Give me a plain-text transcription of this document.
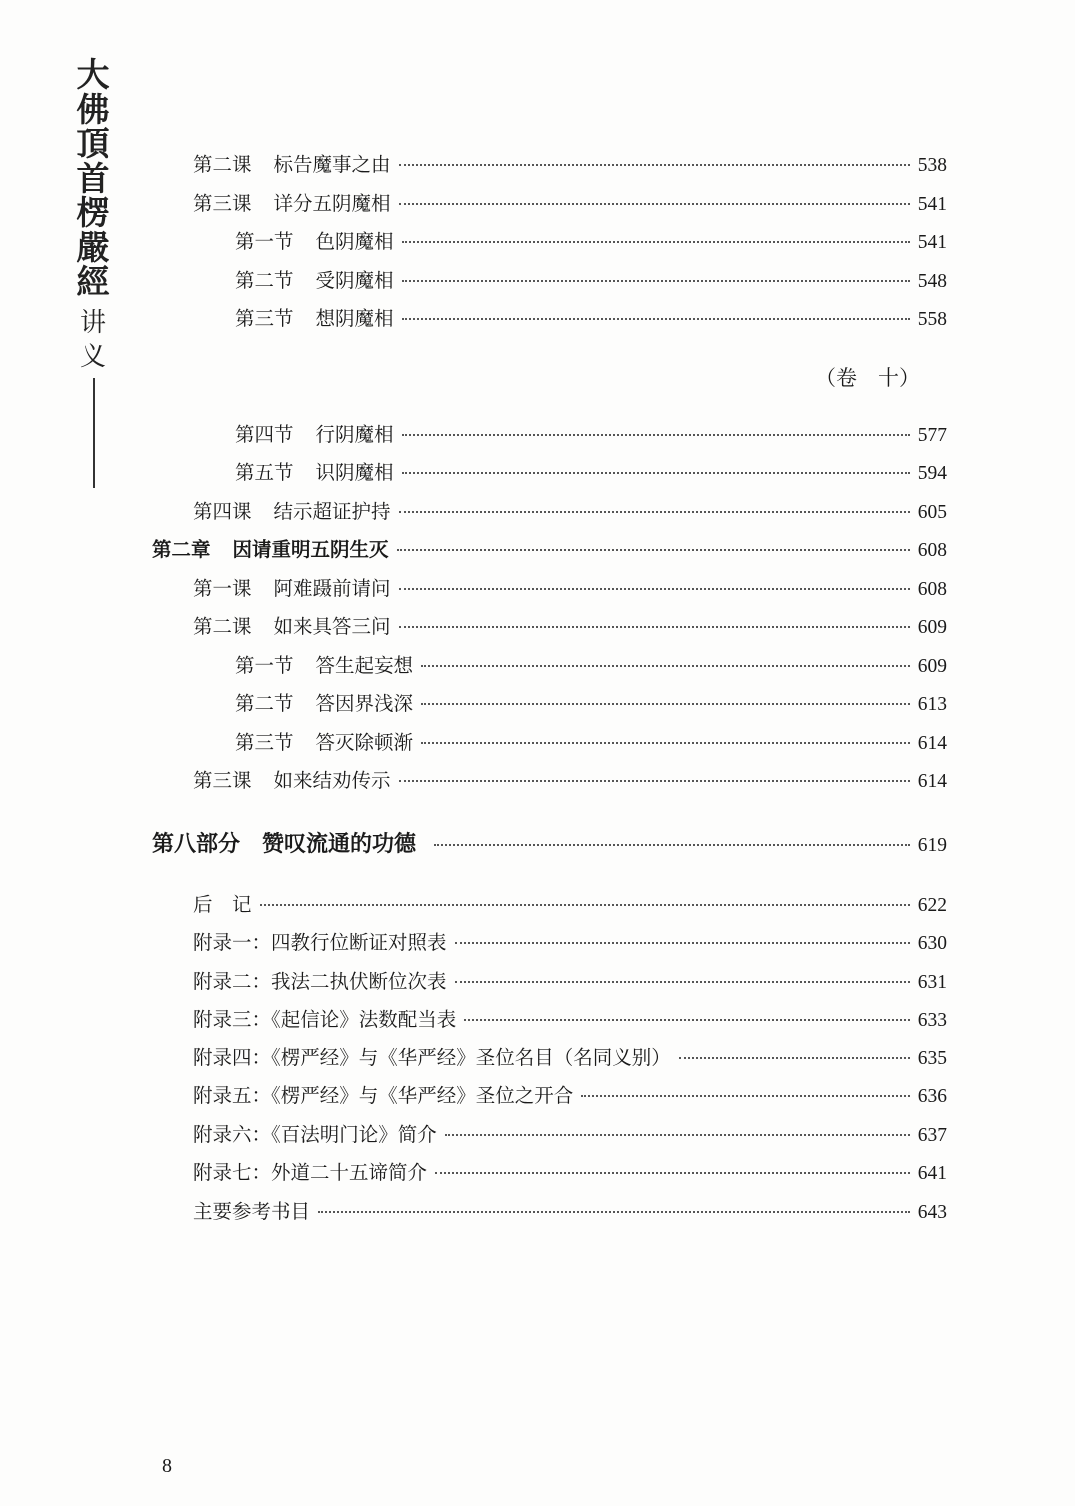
大
佛
頂
首
楞
嚴
經
讲
义
第二课 标告魔事之由	538
第三课 详分五阴魔相	541
第一节 色阴魔相	541
第二节 受阴魔相	548
第三节 想阴魔相	558
（卷　十）
第四节 行阴魔相	577
第五节 识阴魔相	594
第四课 结示超证护持	605
第二章 因请重明五阴生灭	608
第一课 阿难蹑前请问	608
第二课 如来具答三问	609
第一节 答生起妄想	609
第二节 答因界浅深	613
第三节 答灭除顿渐	614
第三课 如来结劝传示	614
第八部分 赞叹流通的功德	619
后　记	622
附录一：四教行位断证对照表	630
附录二：我法二执伏断位次表	631
附录三：《起信论》法数配当表	633
附录四：《楞严经》与《华严经》圣位名目（名同义别）	635
附录五：《楞严经》与《华严经》圣位之开合	636
附录六：《百法明门论》简介	637
附录七：外道二十五谛简介	641
主要参考书目	643
8
